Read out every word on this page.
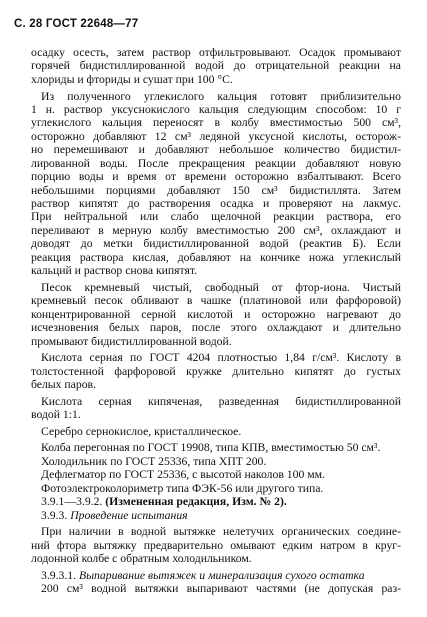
С. 28 ГОСТ 22648—77
осадку осесть, затем раствор отфильтровывают. Осадок промывают
горячей бидистиллированной водой до отрицательной реакции на
хлориды и фториды и сушат при 100 °С.
Из полученного углекислого кальция готовят приблизительно
1 н. раствор уксуснокислого кальция следующим способом: 10 г
углекислого кальция переносят в колбу вместимостью 500 см³,
осторожно добавляют 12 см³ ледяной уксусной кислоты, осторож-
но перемешивают и добавляют небольшое количество бидистил-
лированной воды. После прекращения реакции добавляют новую
порцию воды и время от времени осторожно взбалтывают. Всего
небольшими порциями добавляют 150 см³ бидистиллята. Затем
раствор кипятят до растворения осадка и проверяют на лакмус.
При нейтральной или слабо щелочной реакции раствора, его
переливают в мерную колбу вместимостью 200 см³, охлаждают и
доводят до метки бидистиллированной водой (реактив Б). Если
реакция раствора кислая, добавляют на кончике ножа углекислый
кальций и раствор снова кипятят.
Песок кремневый чистый, свободный от фтор-иона. Чистый
кремневый песок обливают в чашке (платиновой или фарфоровой)
концентрированной серной кислотой и осторожно нагревают до
исчезновения белых паров, после этого охлаждают и длительно
промывают бидистиллированной водой.
Кислота серная по ГОСТ 4204 плотностью 1,84 г/см³. Кислоту в
толстостенной фарфоровой кружке длительно кипятят до густых
белых паров.
Кислота серная кипяченая, разведенная бидистиллированной
водой 1:1.
Серебро сернокислое, кристаллическое.
Колба перегонная по ГОСТ 19908, типа КПВ, вместимостью 50 см³.
Холодильник по ГОСТ 25336, типа ХПТ 200.
Дефлегматор по ГОСТ 25336, с высотой наколов 100 мм.
Фотоэлектроколориметр типа ФЭК-56 или другого типа.
3.9.1—3.9.2. (Измененная редакция, Изм. № 2).
3.9.3. Проведение испытания
При наличии в водной вытяжке нелетучих органических соедине-
ний фтора вытяжку предварительно омывают едким натром в круг-
лодонной колбе с обратным холодильником.
3.9.3.1. Выпаривание вытяжек и минерализация сухого остатка
200 см³ водной вытяжки выпаривают частями (не допуская раз-
